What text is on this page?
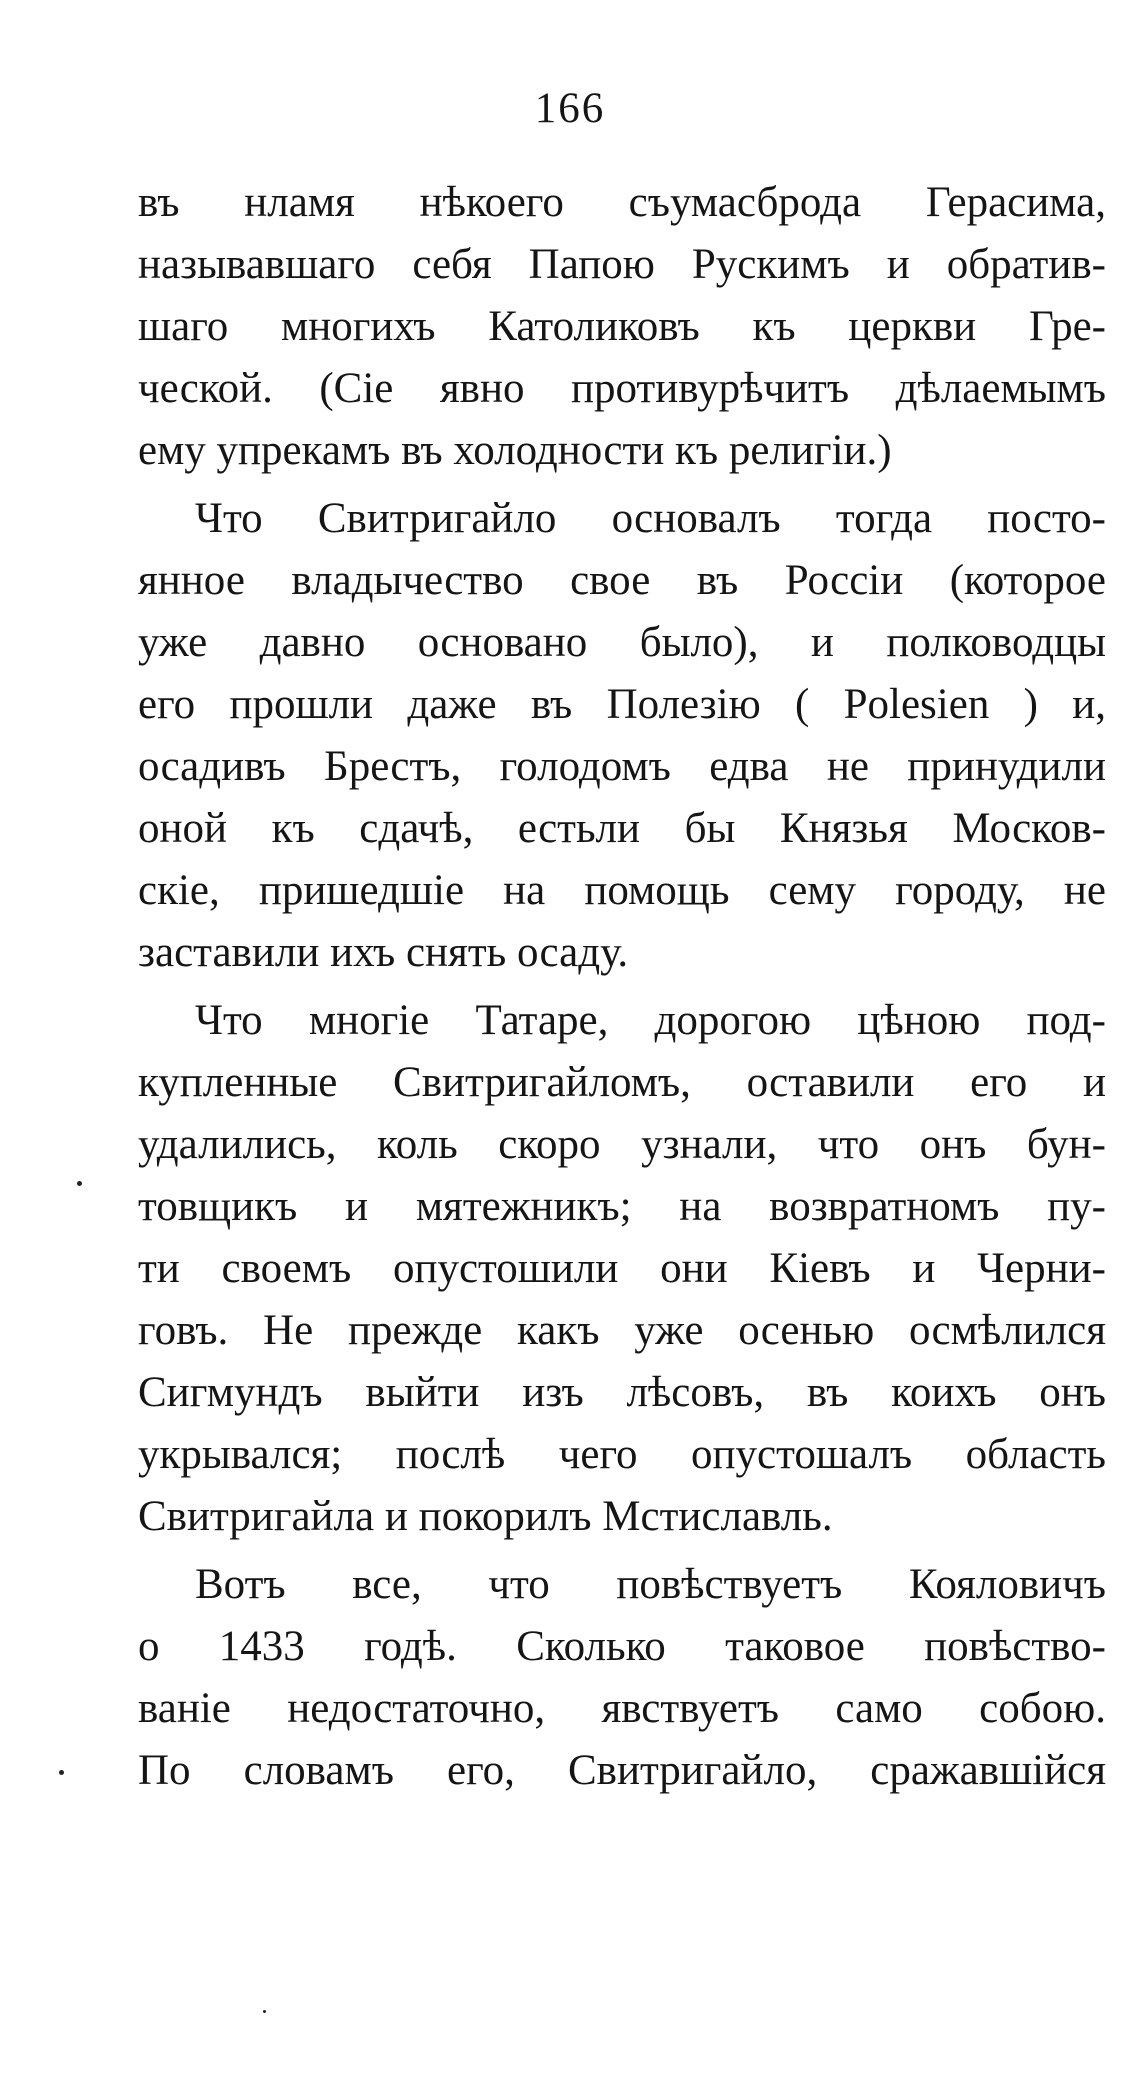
166
въ нламя нѣкоего съумасброда Герасима,
называвшаго себя Папою Рускимъ и обратив-
шаго многихъ Католиковъ къ церкви Гре-
ческой. (Сіе явно противурѣчитъ дѣлаемымъ
ему упрекамъ въ холодности къ религіи.)
Что Свитригайло основалъ тогда посто-
янное владычество свое въ Россіи (которое
уже давно основано было), и полководцы
его прошли даже въ Полезію ( Polesien ) и,
осадивъ Брестъ, голодомъ едва не принудили
оной къ сдачѣ, естьли бы Князья Москов-
скіе, пришедшіе на помощь сему городу, не
заставили ихъ снять осаду.
Что многіе Татаре, дорогою цѣною под-
купленные Свитригайломъ, оставили его и
удалились, коль скоро узнали, что онъ бун-
товщикъ и мятежникъ; на возвратномъ пу-
ти своемъ опустошили они Кіевъ и Черни-
говъ. Не прежде какъ уже осенью осмѣлился
Сигмундъ выйти изъ лѣсовъ, въ коихъ онъ
укрывался; послѣ чего опустошалъ область
Свитригайла и покорилъ Мстиславль.
Вотъ все, что повѣствуетъ Кояловичъ
о 1433 годѣ. Сколько таковое повѣство-
ваніе недостаточно, явствуетъ само собою.
По словамъ его, Свитригайло, сражавшійся
